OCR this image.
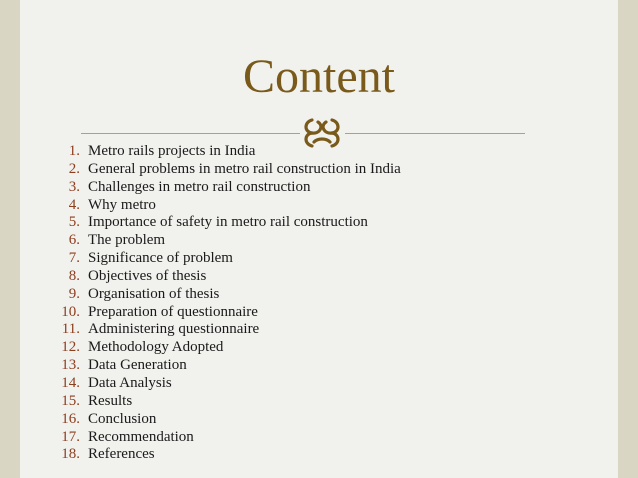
Content
1. Metro rails projects in India
2. General problems in metro rail construction in India
3. Challenges in metro rail construction
4. Why metro
5. Importance of safety in metro rail construction
6. The problem
7. Significance of problem
8. Objectives of thesis
9. Organisation of thesis
10. Preparation of questionnaire
11. Administering questionnaire
12. Methodology Adopted
13. Data Generation
14. Data Analysis
15. Results
16. Conclusion
17. Recommendation
18. References
